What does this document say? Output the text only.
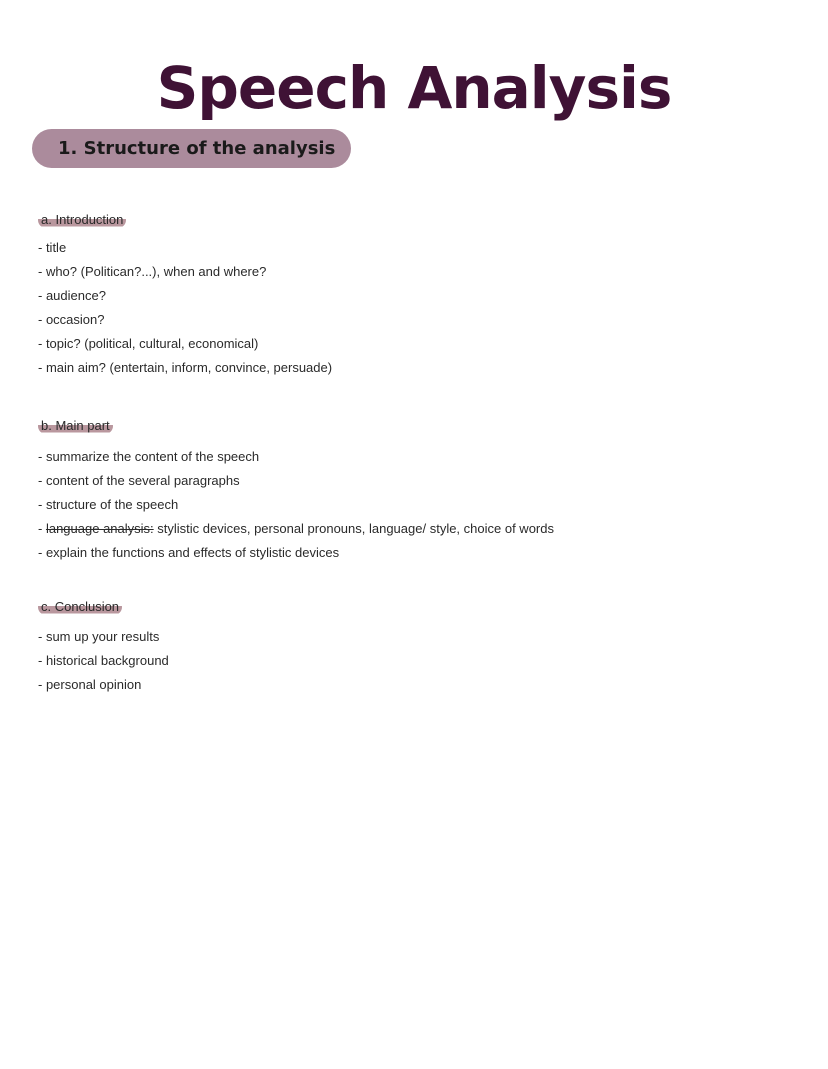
Speech Analysis
1. Structure of the analysis
a. Introduction
- title
- who? (Politican?...), when and where?
- audience?
- occasion?
- topic? (political, cultural, economical)
- main aim? (entertain, inform, convince, persuade)
b. Main part
- summarize the content of the speech
- content of the several paragraphs
- structure of the speech
- language analysis: stylistic devices, personal pronouns, language/ style, choice of words
- explain the functions and effects of stylistic devices
c. Conclusion
- sum up your results
- historical background
- personal opinion
